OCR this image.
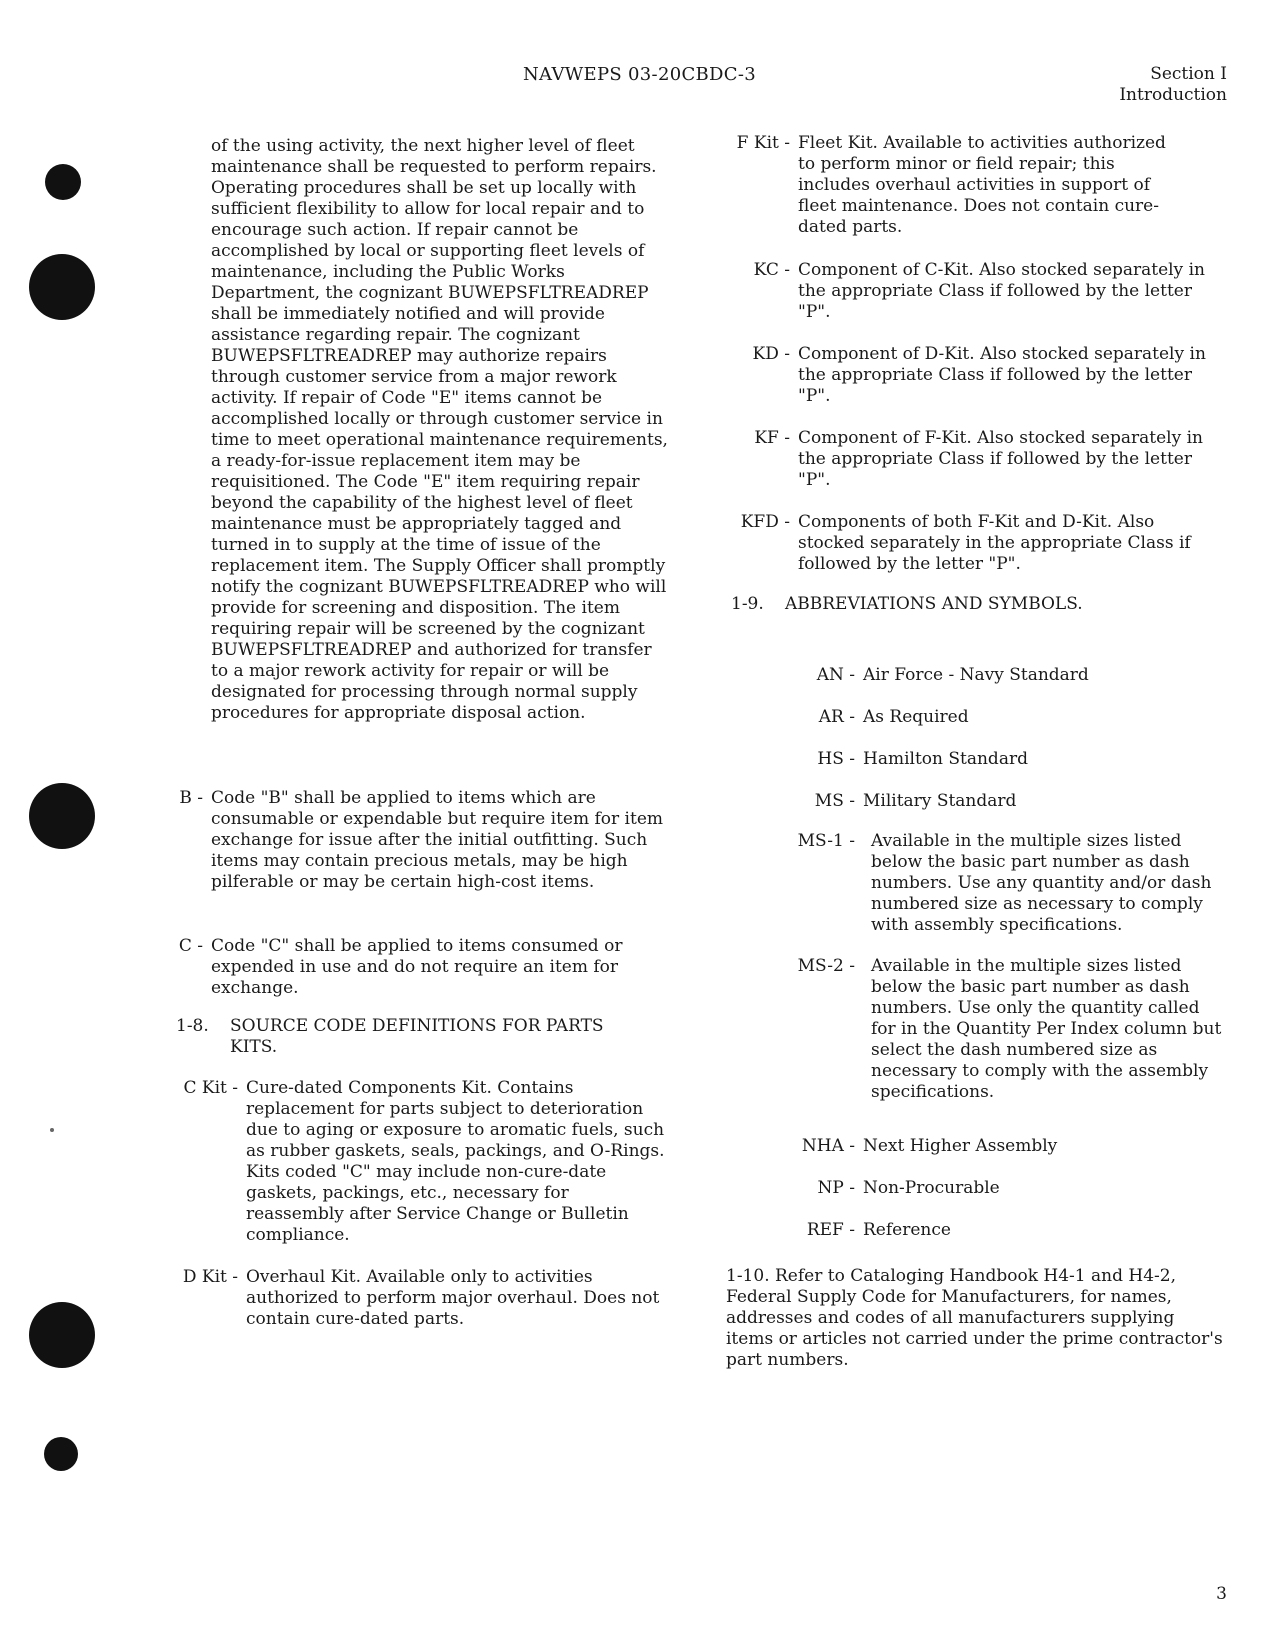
NAVWEPS 03-20CBDC-3	Section I
Introduction

of the using activity, the next higher level of fleet maintenance shall be requested to perform repairs. Operating procedures shall be set up locally with sufficient flexibility to allow for local repair and to encourage such action. If repair cannot be accomplished by local or supporting fleet levels of maintenance, including the Public Works Department, the cognizant BUWEPSFLTREADREP shall be immediately notified and will provide assistance regarding repair. The cognizant BUWEPSFLTREADREP may authorize repairs through customer service from a major rework activity. If repair of Code "E" items cannot be accomplished locally or through customer service in time to meet operational maintenance requirements, a ready-for-issue replacement item may be requisitioned. The Code "E" item requiring repair beyond the capability of the highest level of fleet maintenance must be appropriately tagged and turned in to supply at the time of issue of the replacement item. The Supply Officer shall promptly notify the cognizant BUWEPSFLTREADREP who will provide for screening and disposition. The item requiring repair will be screened by the cognizant BUWEPSFLTREADREP and authorized for transfer to a major rework activity for repair or will be designated for processing through normal supply procedures for appropriate disposal action.

B - Code "B" shall be applied to items which are consumable or expendable but require item for item exchange for issue after the initial outfitting. Such items may contain precious metals, may be high pilferable or may be certain high-cost items.
C - Code "C" shall be applied to items consumed or expended in use and do not require an item for exchange.
1-8.	SOURCE CODE DEFINITIONS FOR PARTS KITS.
C Kit - Cure-dated Components Kit. Contains replacement for parts subject to deterioration due to aging or exposure to aromatic fuels, such as rubber gaskets, seals, packings, and O-Rings. Kits coded "C" may include non-cure-date gaskets, packings, etc., necessary for reassembly after Service Change or Bulletin compliance.
D Kit - Overhaul Kit. Available only to activities authorized to perform major overhaul. Does not contain cure-dated parts.
F Kit - Fleet Kit. Available to activities authorized to perform minor or field repair; this includes overhaul activities in support of fleet maintenance. Does not contain cure-dated parts.
KC - Component of C-Kit. Also stocked separately in the appropriate Class if followed by the letter "P".
KD - Component of D-Kit. Also stocked separately in the appropriate Class if followed by the letter "P".
KF - Component of F-Kit. Also stocked separately in the appropriate Class if followed by the letter "P".
KFD - Components of both F-Kit and D-Kit. Also stocked separately in the appropriate Class if followed by the letter "P".
1-9.	ABBREVIATIONS AND SYMBOLS.
AN - Air Force - Navy Standard
AR - As Required
HS - Hamilton Standard
MS - Military Standard
MS-1 - Available in the multiple sizes listed below the basic part number as dash numbers. Use any quantity and/or dash numbered size as necessary to comply with assembly specifications.
MS-2 - Available in the multiple sizes listed below the basic part number as dash numbers. Use only the quantity called for in the Quantity Per Index column but select the dash numbered size as necessary to comply with the assembly specifications.
NHA - Next Higher Assembly
NP - Non-Procurable
REF - Reference

1-10. Refer to Cataloging Handbook H4-1 and H4-2, Federal Supply Code for Manufacturers, for names, addresses and codes of all manufacturers supplying items or articles not carried under the prime contractor's part numbers.

3
